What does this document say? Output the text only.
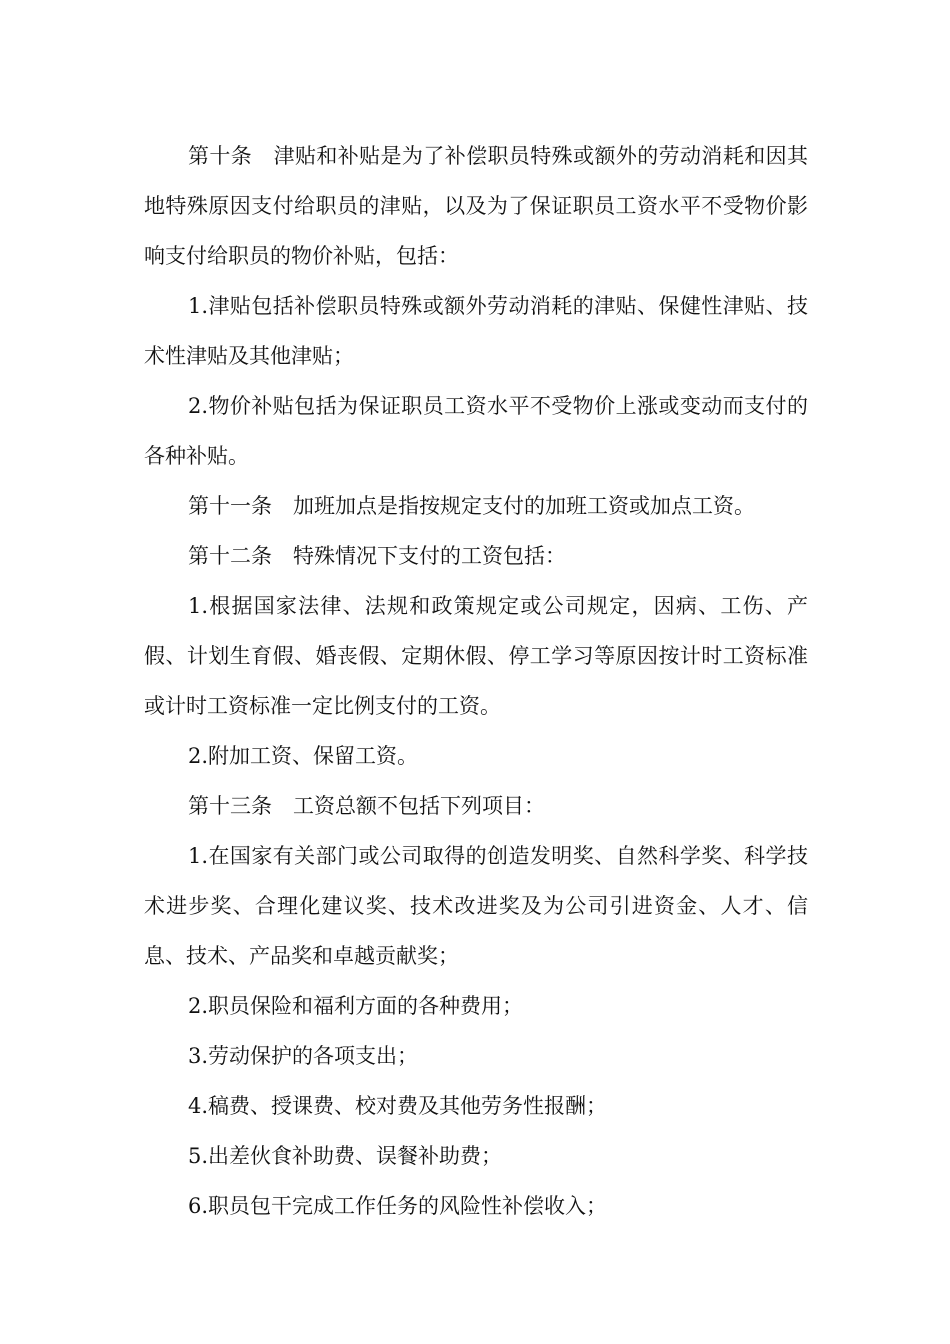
第十条　津贴和补贴是为了补偿职员特殊或额外的劳动消耗和因其地特殊原因支付给职员的津贴，以及为了保证职员工资水平不受物价影响支付给职员的物价补贴，包括：

1.津贴包括补偿职员特殊或额外劳动消耗的津贴、保健性津贴、技术性津贴及其他津贴；

2.物价补贴包括为保证职员工资水平不受物价上涨或变动而支付的各种补贴。

第十一条　加班加点是指按规定支付的加班工资或加点工资。

第十二条　特殊情况下支付的工资包括：

1.根据国家法律、法规和政策规定或公司规定，因病、工伤、产假、计划生育假、婚丧假、定期休假、停工学习等原因按计时工资标准或计时工资标准一定比例支付的工资。

2.附加工资、保留工资。

第十三条　工资总额不包括下列项目：

1.在国家有关部门或公司取得的创造发明奖、自然科学奖、科学技术进步奖、合理化建议奖、技术改进奖及为公司引进资金、人才、信息、技术、产品奖和卓越贡献奖；

2.职员保险和福利方面的各种费用；

3.劳动保护的各项支出；

4.稿费、授课费、校对费及其他劳务性报酬；

5.出差伙食补助费、误餐补助费；

6.职员包干完成工作任务的风险性补偿收入；
